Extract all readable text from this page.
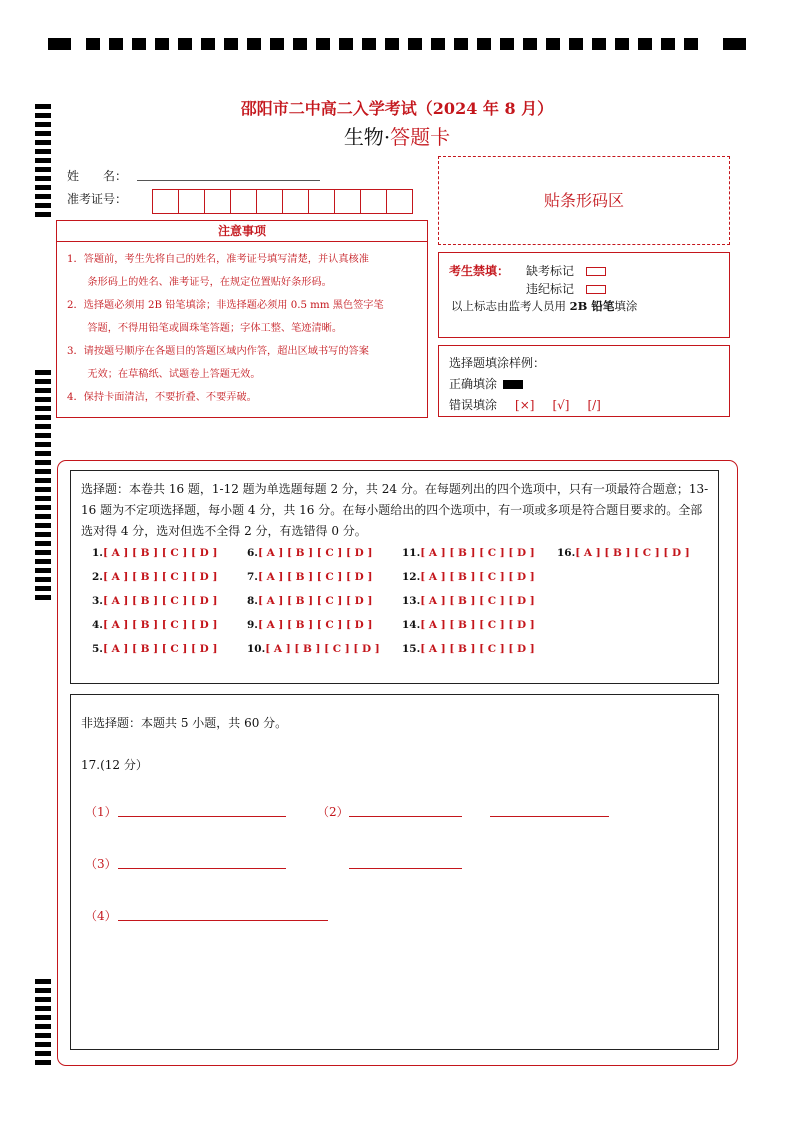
邵阳市二中高二入学考试（2024 年 8 月）
生物·答题卡
姓　　名：
准考证号：
注意事项
1．答题前，考生先将自己的姓名，准考证号填写清楚，并认真核准
　　条形码上的姓名、准考证号，在规定位置贴好条形码。
2．选择题必须用 2B 铅笔填涂；非选择题必须用 0.5 mm 黑色签字笔
　　答题，不得用铅笔或圆珠笔答题；字体工整、笔迹清晰。
3．请按题号顺序在各题目的答题区域内作答，超出区域书写的答案
　　无效；在草稿纸、试题卷上答题无效。
4．保持卡面清洁，不要折叠、不要弄破。
贴条形码区
考生禁填： 缺考标记
违纪标记
以上标志由监考人员用 2B 铅笔填涂
选择题填涂样例：
正确填涂
错误填涂 [×] [√] [/]
选择题：本卷共 16 题，1-12 题为单选题每题 2 分，共 24 分。在每题列出的四个选项中，只有一项最符合题意；13-16 题为不定项选择题，每小题 4 分，共 16 分。在每小题给出的四个选项中，有一项或多项是符合题目要求的。全部选对得 4 分，选对但选不全得 2 分，有选错得 0 分。
1.[ A ] [ B ] [ C ] [ D ]
2.[ A ] [ B ] [ C ] [ D ]
3.[ A ] [ B ] [ C ] [ D ]
4.[ A ] [ B ] [ C ] [ D ]
5.[ A ] [ B ] [ C ] [ D ]
6.[ A ] [ B ] [ C ] [ D ]
7.[ A ] [ B ] [ C ] [ D ]
8.[ A ] [ B ] [ C ] [ D ]
9.[ A ] [ B ] [ C ] [ D ]
10.[ A ] [ B ] [ C ] [ D ]
11.[ A ] [ B ] [ C ] [ D ]
12.[ A ] [ B ] [ C ] [ D ]
13.[ A ] [ B ] [ C ] [ D ]
14.[ A ] [ B ] [ C ] [ D ]
15.[ A ] [ B ] [ C ] [ D ]
16.[ A ] [ B ] [ C ] [ D ]
非选择题：本题共 5 小题，共 60 分。
17.(12 分）
（1）	（2）
（3）
（4）
